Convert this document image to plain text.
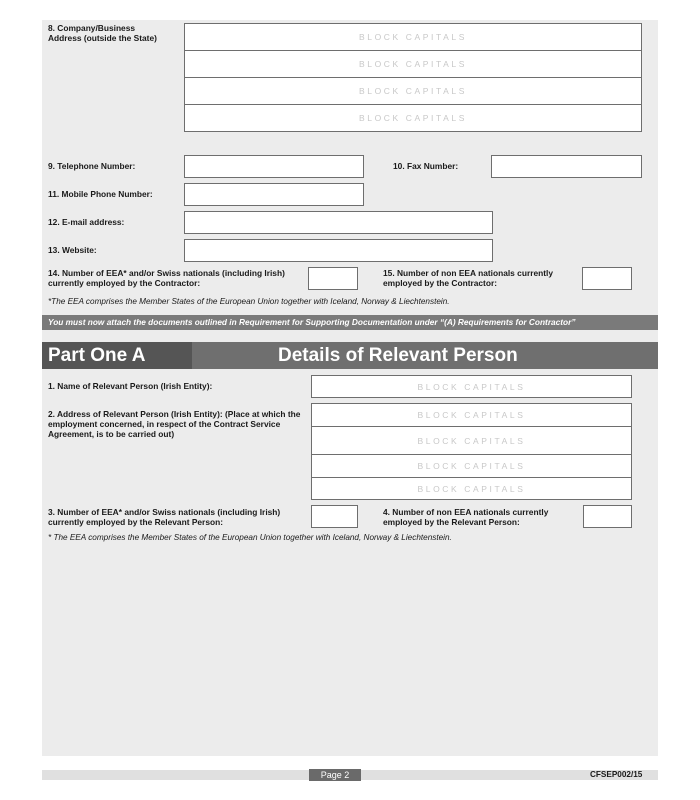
8. Company/Business Address (outside the State)	BLOCK CAPITALS
BLOCK CAPITALS
BLOCK CAPITALS
BLOCK CAPITALS
9. Telephone Number:	10. Fax Number:
11. Mobile Phone Number:
12. E-mail address:
13. Website:
14. Number of EEA* and/or Swiss nationals (including Irish) currently employed by the Contractor:
15. Number of non EEA nationals currently employed by the Contractor:
*The EEA comprises the Member States of the European Union together with Iceland, Norway & Liechtenstein.
You must now attach the documents outlined in Requirement for Supporting Documentation under “(A) Requirements for Contractor”
Part One A	Details of Relevant Person
1. Name of Relevant Person (Irish Entity):	BLOCK CAPITALS
2. Address of Relevant Person (Irish Entity): (Place at which the employment concerned, in respect of the Contract Service Agreement, is to be carried out)
BLOCK CAPITALS
BLOCK CAPITALS
BLOCK CAPITALS
BLOCK CAPITALS
3. Number of EEA* and/or Swiss nationals (including Irish) currently employed by the Relevant Person:
4. Number of non EEA nationals currently employed by the Relevant Person:
* The EEA comprises the Member States of the European Union together with Iceland, Norway & Liechtenstein.
Page 2	CFSEP002/15
